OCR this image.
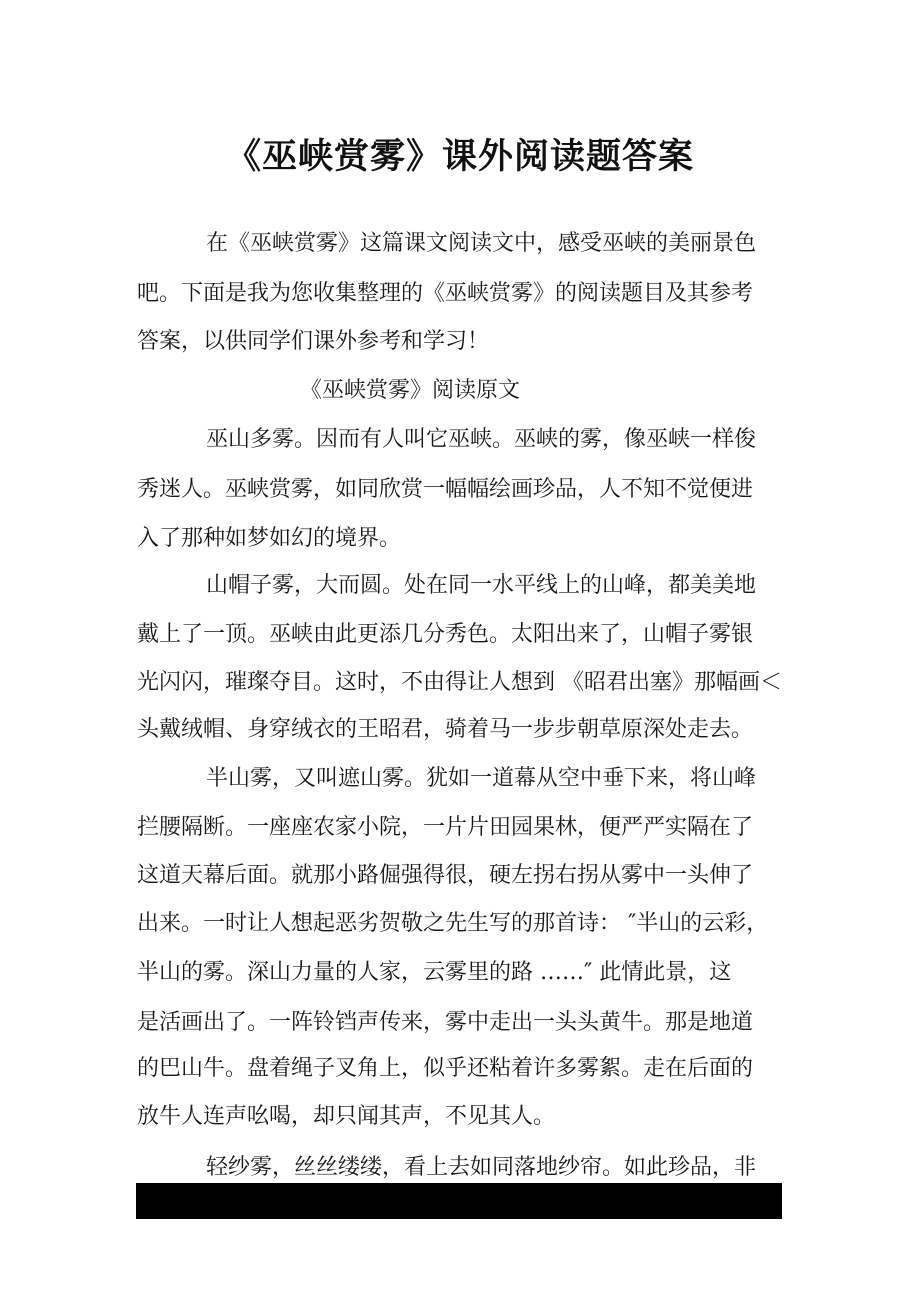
《巫峡赏雾》课外阅读题答案
在《巫峡赏雾》这篇课文阅读文中，感受巫峡的美丽景色
吧。下面是我为您收集整理的《巫峡赏雾》的阅读题目及其参考
答案，以供同学们课外参考和学习！
《巫峡赏雾》阅读原文
巫山多雾。因而有人叫它巫峡。巫峡的雾，像巫峡一样俊
秀迷人。巫峡赏雾，如同欣赏一幅幅绘画珍品，人不知不觉便进
入了那种如梦如幻的境界。
山帽子雾，大而圆。处在同一水平线上的山峰，都美美地
戴上了一顶。巫峡由此更添几分秀色。太阳出来了，山帽子雾银
光闪闪，璀璨夺目。这时，不由得让人想到 《昭君出塞》那幅画＜
头戴绒帽、身穿绒衣的王昭君，骑着马一步步朝草原深处走去。
半山雾，又叫遮山雾。犹如一道幕从空中垂下来，将山峰
拦腰隔断。一座座农家小院，一片片田园果林，便严严实隔在了
这道天幕后面。就那小路倔强得很，硬左拐右拐从雾中一头伸了
出来。一时让人想起恶劣贺敬之先生写的那首诗： ″半山的云彩，
半山的雾。深山力量的人家，云雾里的路 ……″ 此情此景，这
是活画出了。一阵铃铛声传来，雾中走出一头头黄牛。那是地道
的巴山牛。盘着绳子叉角上，似乎还粘着许多雾絮。走在后面的
放牛人连声吆喝，却只闻其声，不见其人。
轻纱雾，丝丝缕缕，看上去如同落地纱帘。如此珍品，非
